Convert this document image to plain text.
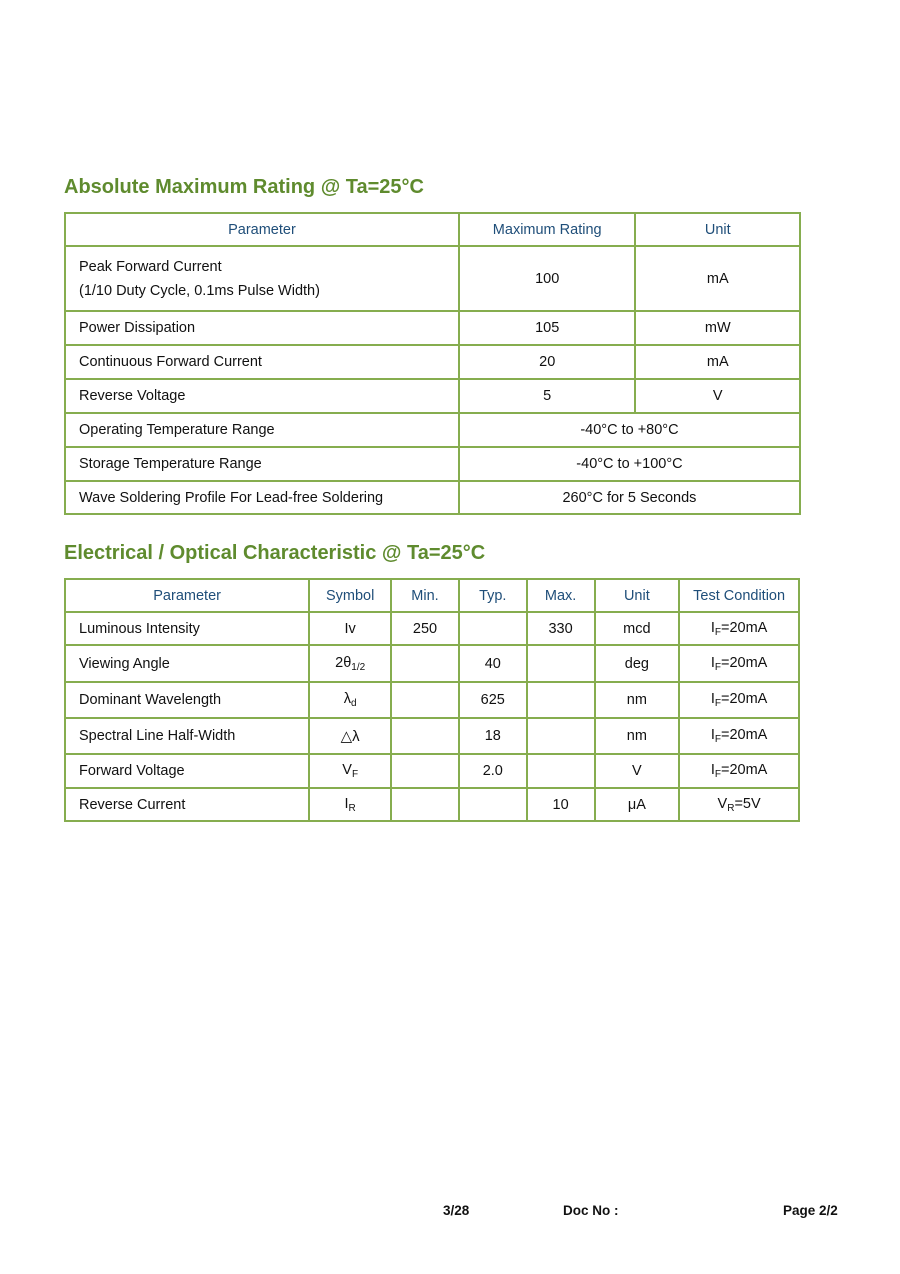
Absolute Maximum Rating @ Ta=25°C
Parameter	Maximum Rating	Unit

Peak Forward Current
(1/10 Duty Cycle, 0.1ms Pulse Width)	100	mA
Power Dissipation	105	mW
Continuous Forward Current	20	mA
Reverse Voltage	5	V
Operating Temperature Range	-40°C to +80°C	
Storage Temperature Range	-40°C to +100°C	
Wave Soldering Profile For Lead-free Soldering	260°C for 5 Seconds	
Electrical / Optical Characteristic @ Ta=25°C
Parameter	Symbol	Min.	Typ.	Max.	Unit	Test Condition
Luminous Intensity	Iv	250		330	mcd	$I_F=20mA$
Viewing Angle	$2\theta_{1/2}$		40		deg	$I_F=20mA$
Dominant Wavelength	$\lambda_d$		625		nm	$I_F=20mA$
Spectral Line Half-Width	△λ		18		nm	$I_F=20mA$
Forward Voltage	$V_F$		2.0		V	$I_F=20mA$
Reverse Current	$I_R$			10	μA	$V_R=5V$
3/28	Doc No :	Page 2/2
